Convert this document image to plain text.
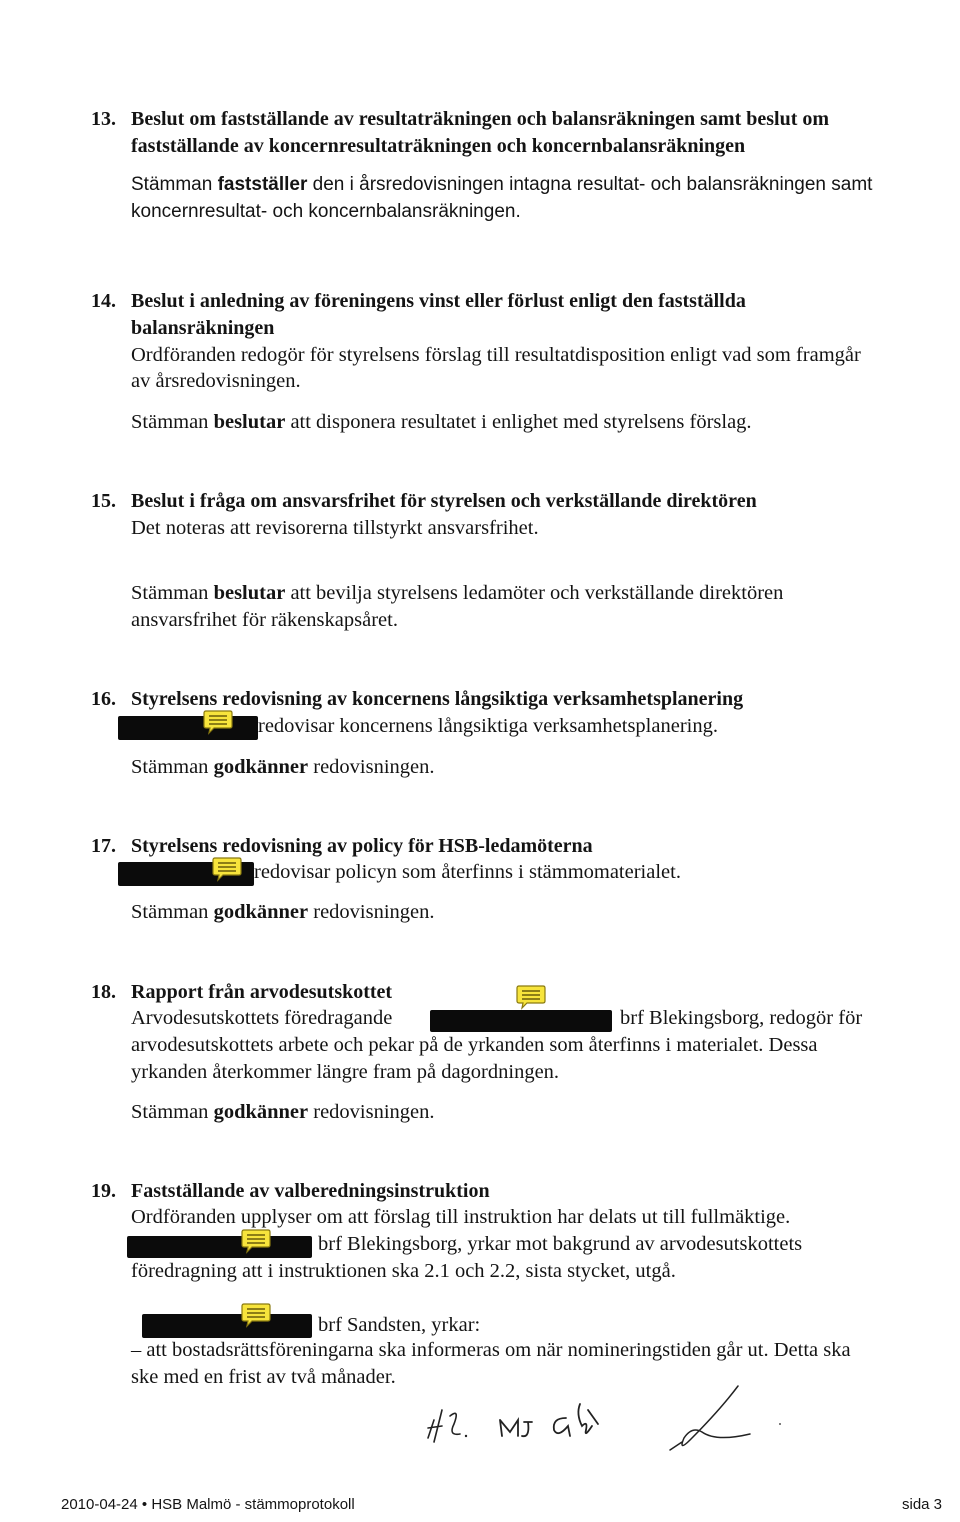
13. Beslut om fastställande av resultaträkningen och balansräkningen samt beslut om
fastställande av koncernresultaträkningen och koncernbalansräkningen
Stämman fastställer den i årsredovisningen intagna resultat- och balansräkningen samt
koncernresultat- och koncernbalansräkningen.
14. Beslut i anledning av föreningens vinst eller förlust enligt den fastställda
balansräkningen
Ordföranden redogör för styrelsens förslag till resultatdisposition enligt vad som framgår
av årsredovisningen.
Stämman beslutar att disponera resultatet i enlighet med styrelsens förslag.
15. Beslut i fråga om ansvarsfrihet för styrelsen och verkställande direktören
Det noteras att revisorerna tillstyrkt ansvarsfrihet.
Stämman beslutar att bevilja styrelsens ledamöter och verkställande direktören
ansvarsfrihet för räkenskapsåret.
16. Styrelsens redovisning av koncernens långsiktiga verksamhetsplanering
redovisar koncernens långsiktiga verksamhetsplanering.
Stämman godkänner redovisningen.
17. Styrelsens redovisning av policy för HSB-ledamöterna
redovisar policyn som återfinns i stämmomaterialet.
Stämman godkänner redovisningen.
18. Rapport från arvodesutskottet
Arvodesutskottets föredragande	brf Blekingsborg, redogör för
arvodesutskottets arbete och pekar på de yrkanden som återfinns i materialet. Dessa
yrkanden återkommer längre fram på dagordningen.
Stämman godkänner redovisningen.
19. Fastställande av valberedningsinstruktion
Ordföranden upplyser om att förslag till instruktion har delats ut till fullmäktige.
brf Blekingsborg, yrkar mot bakgrund av arvodesutskottets
föredragning att i instruktionen ska 2.1 och 2.2, sista stycket, utgå.
brf Sandsten, yrkar:
– att bostadsrättsföreningarna ska informeras om när nomineringstiden går ut. Detta ska
ske med en frist av två månader.
2010-04-24 • HSB Malmö - stämmoprotokoll	sida 3
